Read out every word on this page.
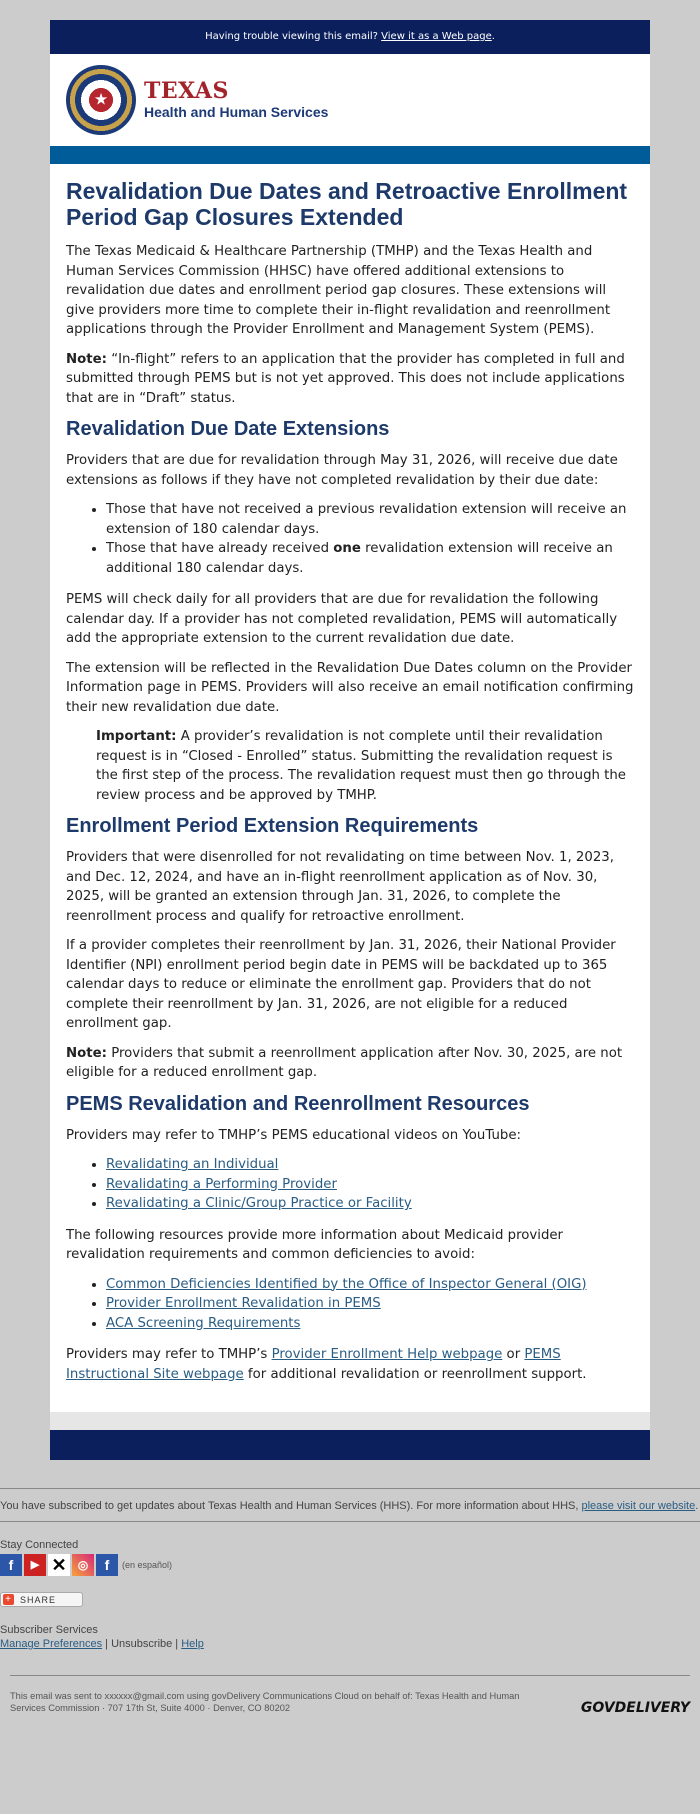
Having trouble viewing this email? View it as a Web page.
★ TEXAS
Health and Human Services
Revalidation Due Dates and Retroactive Enrollment Period Gap Closures Extended

The Texas Medicaid & Healthcare Partnership (TMHP) and the Texas Health and Human Services Commission (HHSC) have offered additional extensions to revalidation due dates and enrollment period gap closures. These extensions will give providers more time to complete their in-flight revalidation and reenrollment applications through the Provider Enrollment and Management System (PEMS).

Note: “In-flight” refers to an application that the provider has completed in full and submitted through PEMS but is not yet approved. This does not include applications that are in “Draft” status.

Revalidation Due Date Extensions

Providers that are due for revalidation through May 31, 2026, will receive due date extensions as follows if they have not completed revalidation by their due date:

• Those that have not received a previous revalidation extension will receive an extension of 180 calendar days.
• Those that have already received one revalidation extension will receive an additional 180 calendar days.

PEMS will check daily for all providers that are due for revalidation the following calendar day. If a provider has not completed revalidation, PEMS will automatically add the appropriate extension to the current revalidation due date.

The extension will be reflected in the Revalidation Due Dates column on the Provider Information page in PEMS. Providers will also receive an email notification confirming their new revalidation due date.

Important: A provider’s revalidation is not complete until their revalidation request is in “Closed - Enrolled” status. Submitting the revalidation request is the first step of the process. The revalidation request must then go through the review process and be approved by TMHP.

Enrollment Period Extension Requirements

Providers that were disenrolled for not revalidating on time between Nov. 1, 2023, and Dec. 12, 2024, and have an in-flight reenrollment application as of Nov. 30, 2025, will be granted an extension through Jan. 31, 2026, to complete the reenrollment process and qualify for retroactive enrollment.

If a provider completes their reenrollment by Jan. 31, 2026, their National Provider Identifier (NPI) enrollment period begin date in PEMS will be backdated up to 365 calendar days to reduce or eliminate the enrollment gap. Providers that do not complete their reenrollment by Jan. 31, 2026, are not eligible for a reduced enrollment gap.

Note: Providers that submit a reenrollment application after Nov. 30, 2025, are not eligible for a reduced enrollment gap.

PEMS Revalidation and Reenrollment Resources

Providers may refer to TMHP’s PEMS educational videos on YouTube:

• Revalidating an Individual
• Revalidating a Performing Provider
• Revalidating a Clinic/Group Practice or Facility

The following resources provide more information about Medicaid provider revalidation requirements and common deficiencies to avoid:

• Common Deficiencies Identified by the Office of Inspector General (OIG)
• Provider Enrollment Revalidation in PEMS
• ACA Screening Requirements

Providers may refer to TMHP’s Provider Enrollment Help webpage or PEMS Instructional Site webpage for additional revalidation or reenrollment support.

You have subscribed to get updates about Texas Health and Human Services (HHS). For more information about HHS, please visit our website.
Stay Connected
f	▶ ✕ ◎	f	(en español)
+ SHARE
Subscriber Services
Manage Preferences | Unsubscribe | Help
This email was sent to xxxxxx@gmail.com using govDelivery Communications Cloud on behalf of: Texas Health and Human Services Commission · 707 17th St, Suite 4000 · Denver, CO 80202	GOVDELIVERY
